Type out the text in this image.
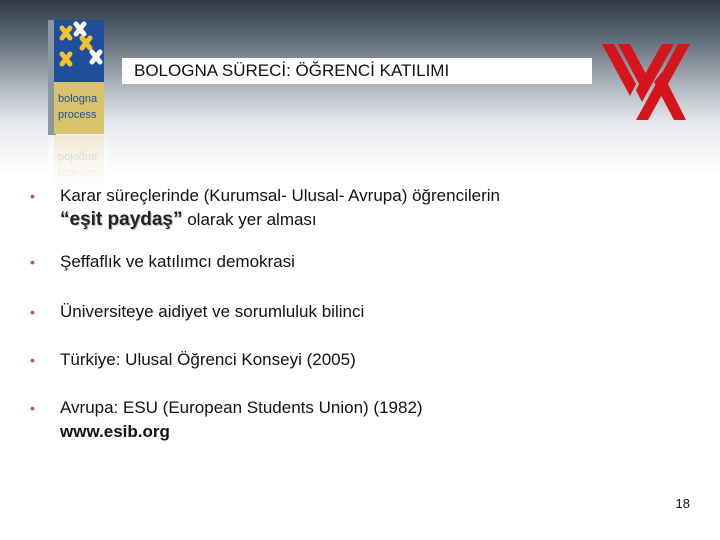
bologna
process
BOLOGNA SÜRECİ: ÖĞRENCİ KATILIMI
• Karar süreçlerinde (Kurumsal- Ulusal- Avrupa) öğrencilerin
“eşit paydaş” olarak yer alması
• Şeffaflık ve katılımcı demokrasi
• Üniversiteye aidiyet ve sorumluluk bilinci
• Türkiye: Ulusal Öğrenci Konseyi (2005)
• Avrupa: ESU (European Students Union) (1982)
www.esib.org
18
